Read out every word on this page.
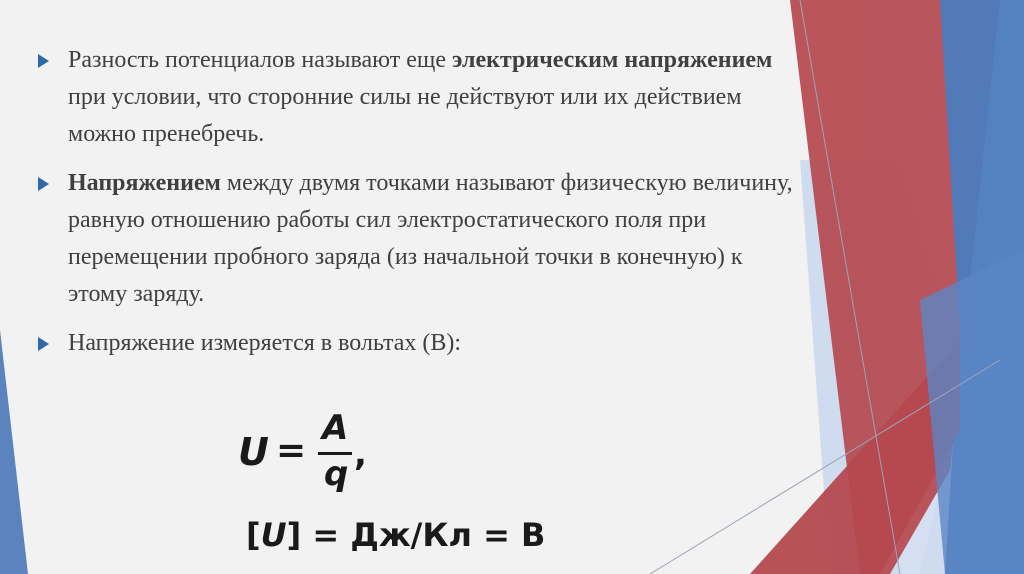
Разность потенциалов называют еще электрическим напряжением при условии, что сторонние силы не действуют или их действием можно пренебречь.
Напряжением между двумя точками называют физическую величину, равную отношению работы сил электростатического поля при перемещении пробного заряда (из начальной точки в конечную) к этому заряду.
Напряжение измеряется в вольтах (В):
U =
A
q ,
[U] = Дж/Кл = В
